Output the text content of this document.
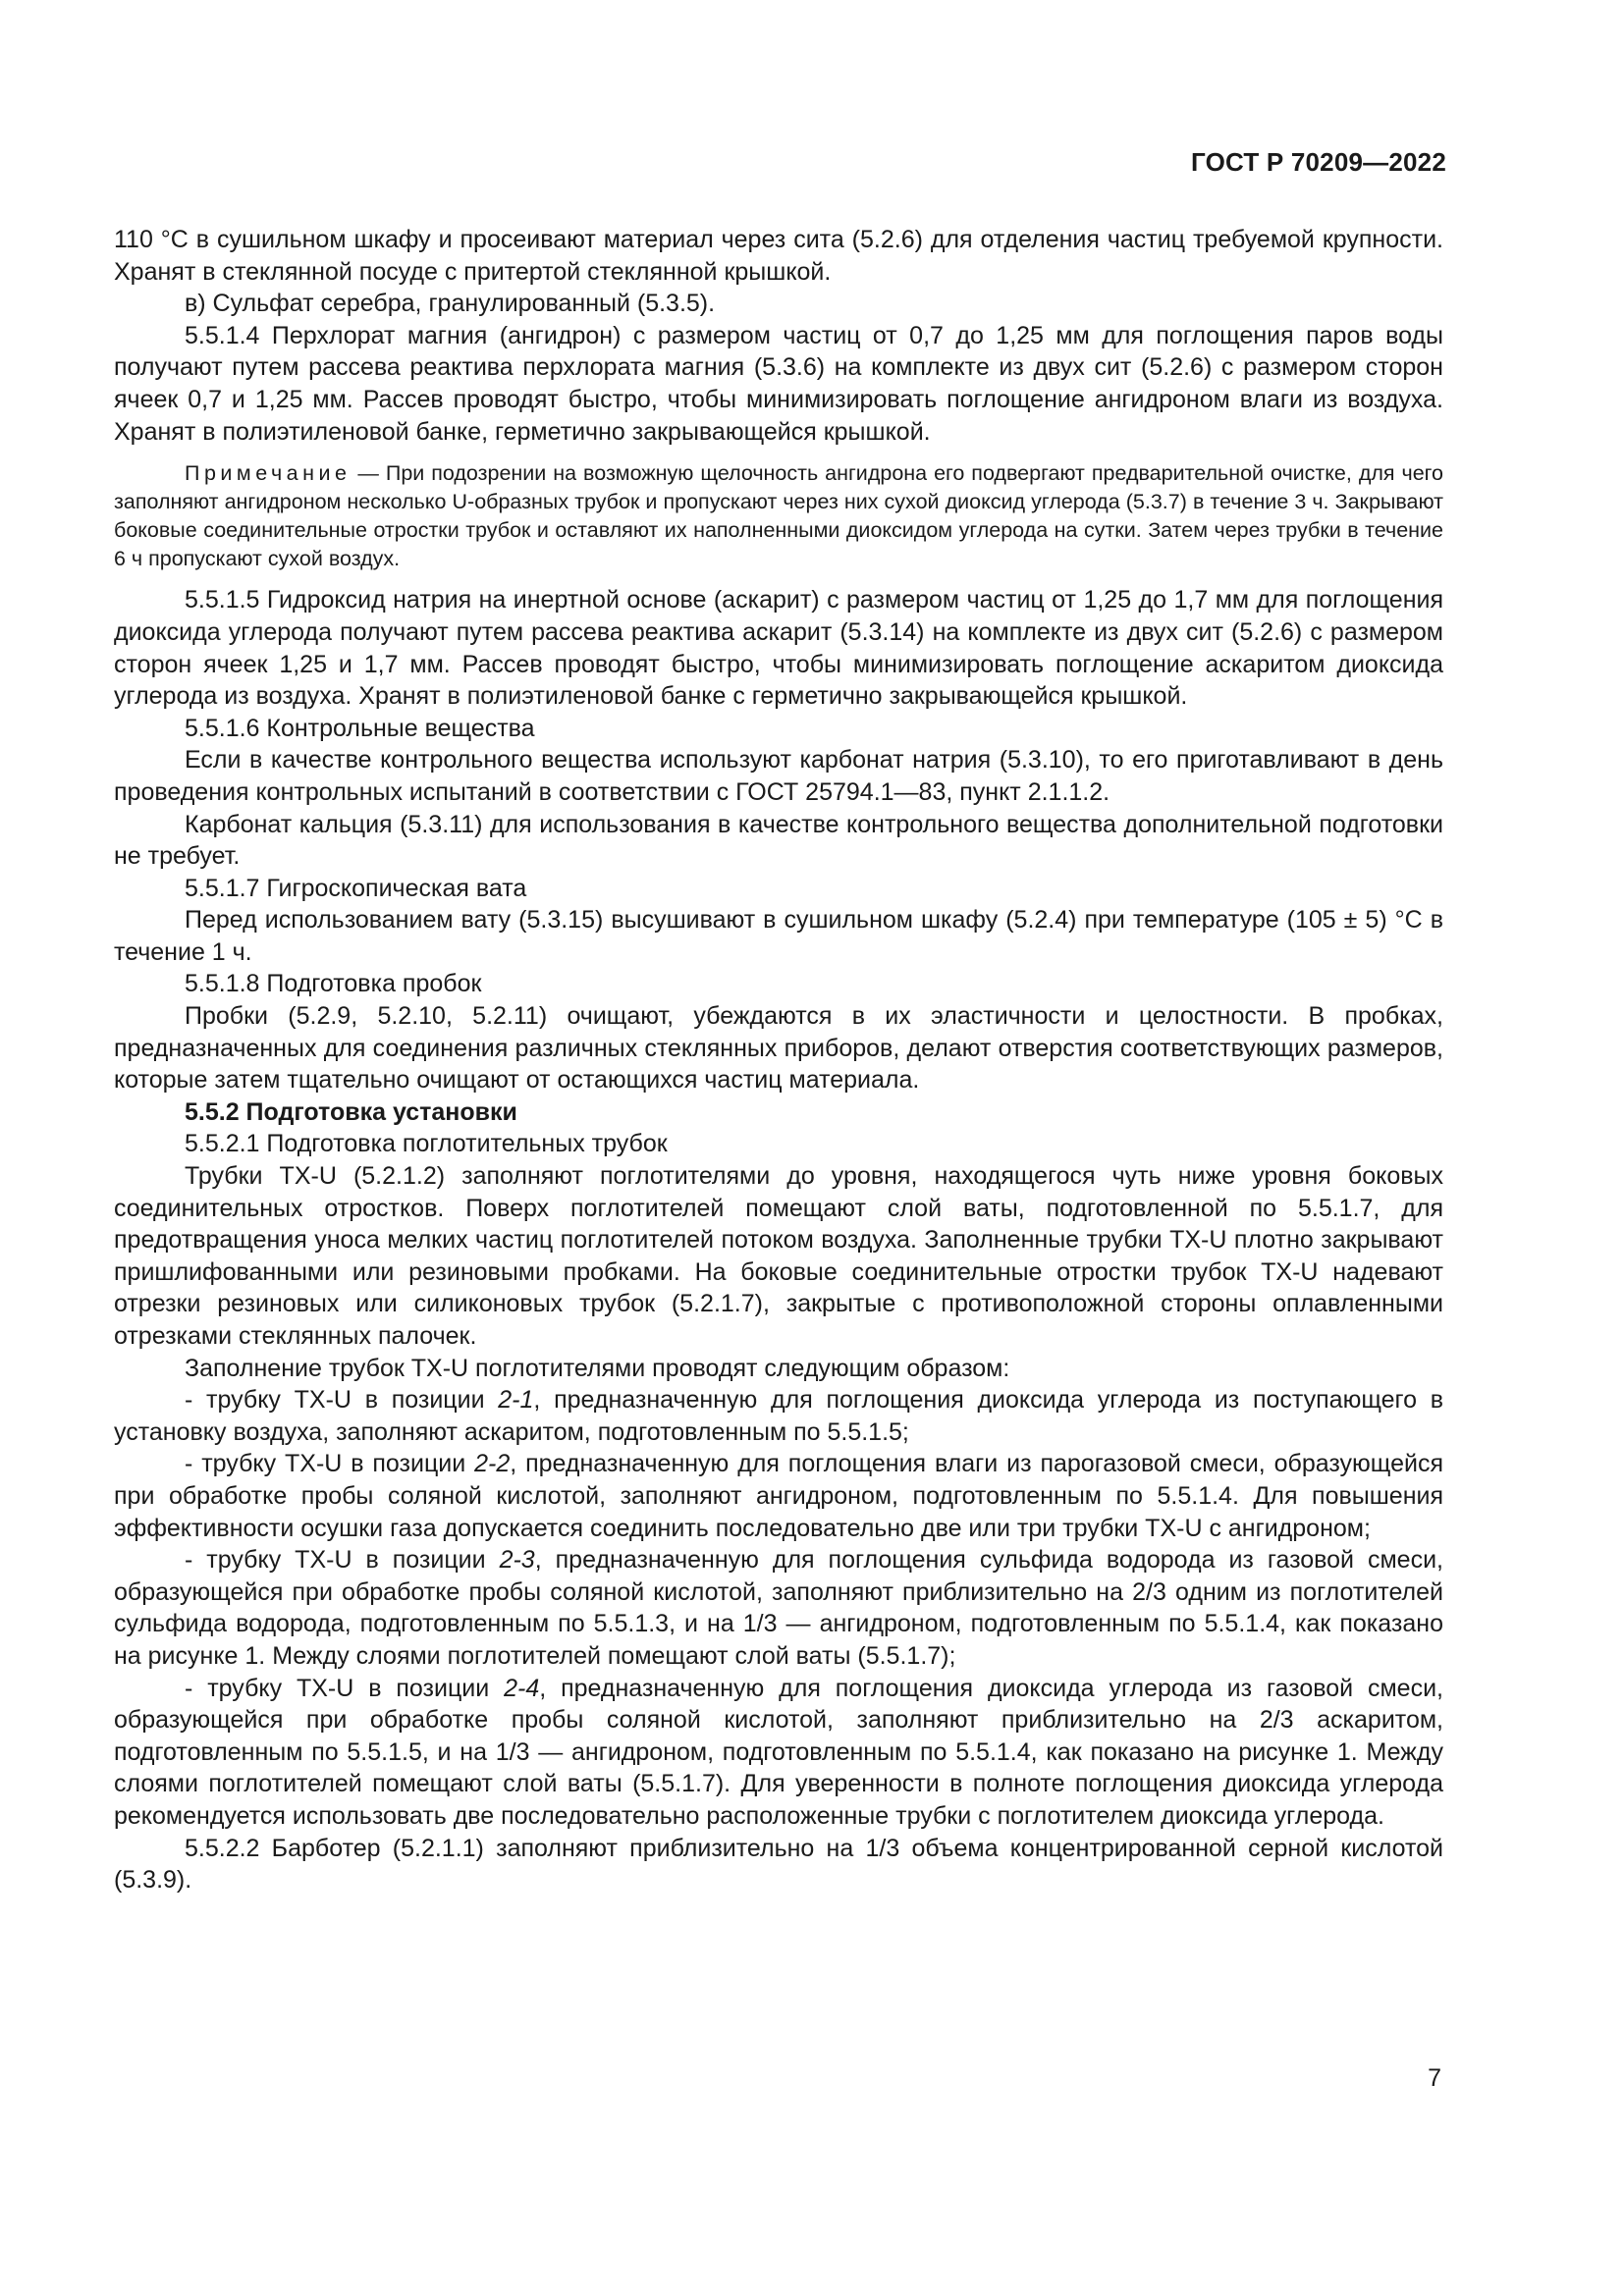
ГОСТ Р 70209—2022

110 °С в сушильном шкафу и просеивают материал через сита (5.2.6) для отделения частиц требуемой крупности. Хранят в стеклянной посуде с притертой стеклянной крышкой.

в) Сульфат серебра, гранулированный (5.3.5).

5.5.1.4 Перхлорат магния (ангидрон) с размером частиц от 0,7 до 1,25 мм для поглощения паров воды получают путем рассева реактива перхлората магния (5.3.6) на комплекте из двух сит (5.2.6) с размером сторон ячеек 0,7 и 1,25 мм. Рассев проводят быстро, чтобы минимизировать поглощение ангидроном влаги из воздуха. Хранят в полиэтиленовой банке, герметично закрывающейся крышкой.

Примечание — При подозрении на возможную щелочность ангидрона его подвергают предварительной очистке, для чего заполняют ангидроном несколько U-образных трубок и пропускают через них сухой диоксид углерода (5.3.7) в течение 3 ч. Закрывают боковые соединительные отростки трубок и оставляют их наполненными диоксидом углерода на сутки. Затем через трубки в течение 6 ч пропускают сухой воздух.

5.5.1.5 Гидроксид натрия на инертной основе (аскарит) с размером частиц от 1,25 до 1,7 мм для поглощения диоксида углерода получают путем рассева реактива аскарит (5.3.14) на комплекте из двух сит (5.2.6) с размером сторон ячеек 1,25 и 1,7 мм. Рассев проводят быстро, чтобы минимизировать поглощение аскаритом диоксида углерода из воздуха. Хранят в полиэтиленовой банке с герметично закрывающейся крышкой.

5.5.1.6 Контрольные вещества

Если в качестве контрольного вещества используют карбонат натрия (5.3.10), то его приготавливают в день проведения контрольных испытаний в соответствии с ГОСТ 25794.1—83, пункт 2.1.1.2.

Карбонат кальция (5.3.11) для использования в качестве контрольного вещества дополнительной подготовки не требует.

5.5.1.7 Гигроскопическая вата

Перед использованием вату (5.3.15) высушивают в сушильном шкафу (5.2.4) при температуре (105 ± 5) °С в течение 1 ч.

5.5.1.8 Подготовка пробок

Пробки (5.2.9, 5.2.10, 5.2.11) очищают, убеждаются в их эластичности и целостности. В пробках, предназначенных для соединения различных стеклянных приборов, делают отверстия соответствующих размеров, которые затем тщательно очищают от остающихся частиц материала.

5.5.2 Подготовка установки

5.5.2.1 Подготовка поглотительных трубок

Трубки ТХ-U (5.2.1.2) заполняют поглотителями до уровня, находящегося чуть ниже уровня боковых соединительных отростков. Поверх поглотителей помещают слой ваты, подготовленной по 5.5.1.7, для предотвращения уноса мелких частиц поглотителей потоком воздуха. Заполненные трубки ТХ-U плотно закрывают пришлифованными или резиновыми пробками. На боковые соединительные отростки трубок ТХ-U надевают отрезки резиновых или силиконовых трубок (5.2.1.7), закрытые с противоположной стороны оплавленными отрезками стеклянных палочек.

Заполнение трубок ТХ-U поглотителями проводят следующим образом:

- трубку ТХ-U в позиции 2-1, предназначенную для поглощения диоксида углерода из поступающего в установку воздуха, заполняют аскаритом, подготовленным по 5.5.1.5;

- трубку ТХ-U в позиции 2-2, предназначенную для поглощения влаги из парогазовой смеси, образующейся при обработке пробы соляной кислотой, заполняют ангидроном, подготовленным по 5.5.1.4. Для повышения эффективности осушки газа допускается соединить последовательно две или три трубки ТХ-U с ангидроном;

- трубку ТХ-U в позиции 2-3, предназначенную для поглощения сульфида водорода из газовой смеси, образующейся при обработке пробы соляной кислотой, заполняют приблизительно на 2/3 одним из поглотителей сульфида водорода, подготовленным по 5.5.1.3, и на 1/3 — ангидроном, подготовленным по 5.5.1.4, как показано на рисунке 1. Между слоями поглотителей помещают слой ваты (5.5.1.7);

- трубку ТХ-U в позиции 2-4, предназначенную для поглощения диоксида углерода из газовой смеси, образующейся при обработке пробы соляной кислотой, заполняют приблизительно на 2/3 аскаритом, подготовленным по 5.5.1.5, и на 1/3 — ангидроном, подготовленным по 5.5.1.4, как показано на рисунке 1. Между слоями поглотителей помещают слой ваты (5.5.1.7). Для уверенности в полноте поглощения диоксида углерода рекомендуется использовать две последовательно расположенные трубки с поглотителем диоксида углерода.

5.5.2.2 Барботер (5.2.1.1) заполняют приблизительно на 1/3 объема концентрированной серной кислотой (5.3.9).

7
